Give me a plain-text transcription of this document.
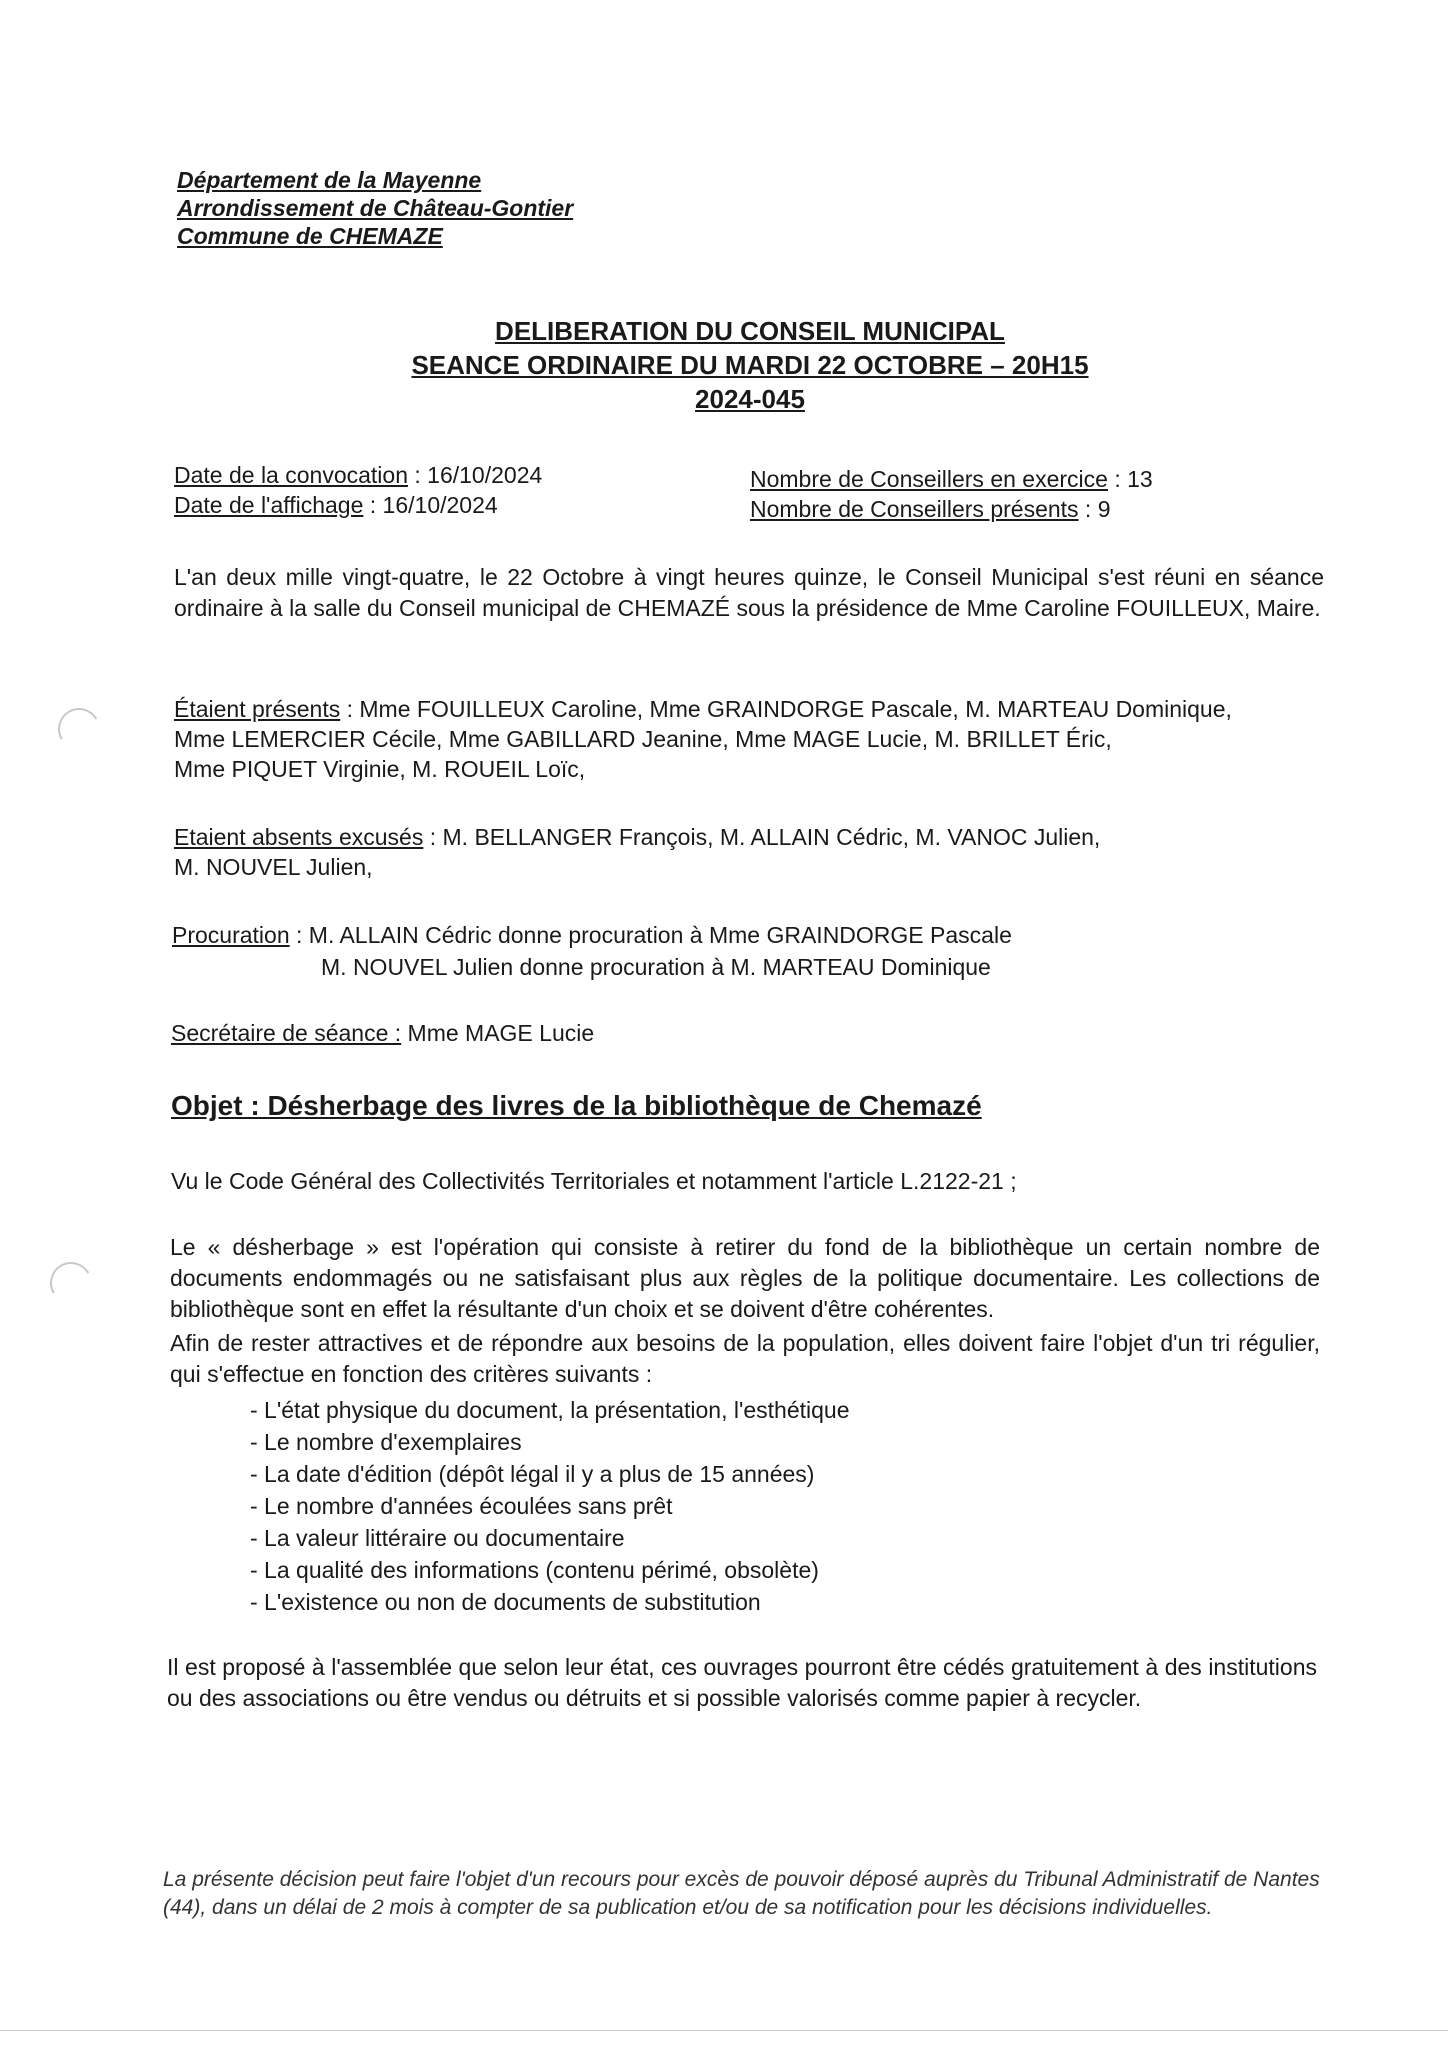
Département de la Mayenne
Arrondissement de Château-Gontier
Commune de CHEMAZE
DELIBERATION DU CONSEIL MUNICIPAL
SEANCE ORDINAIRE DU MARDI 22 OCTOBRE – 20H15
2024-045
Date de la convocation : 16/10/2024
Date de l'affichage : 16/10/2024
Nombre de Conseillers en exercice : 13
Nombre de Conseillers présents : 9

L'an deux mille vingt-quatre, le 22 Octobre à vingt heures quinze, le Conseil Municipal s'est réuni en séance ordinaire à la salle du Conseil municipal de CHEMAZÉ sous la présidence de Mme Caroline FOUILLEUX, Maire.

Étaient présents : Mme FOUILLEUX Caroline, Mme GRAINDORGE Pascale, M. MARTEAU Dominique,
Mme LEMERCIER Cécile, Mme GABILLARD Jeanine, Mme MAGE Lucie, M. BRILLET Éric,
Mme PIQUET Virginie, M. ROUEIL Loïc,
Etaient absents excusés : M. BELLANGER François, M. ALLAIN Cédric, M. VANOC Julien,
M. NOUVEL Julien,
Procuration : M. ALLAIN Cédric donne procuration à Mme GRAINDORGE Pascale
M. NOUVEL Julien donne procuration à M. MARTEAU Dominique
Secrétaire de séance : Mme MAGE Lucie
Objet : Désherbage des livres de la bibliothèque de Chemazé
Vu le Code Général des Collectivités Territoriales et notamment l'article L.2122-21 ;

Le « désherbage » est l'opération qui consiste à retirer du fond de la bibliothèque un certain nombre de documents endommagés ou ne satisfaisant plus aux règles de la politique documentaire. Les collections de bibliothèque sont en effet la résultante d'un choix et se doivent d'être cohérentes.

Afin de rester attractives et de répondre aux besoins de la population, elles doivent faire l'objet d'un tri régulier, qui s'effectue en fonction des critères suivants :

- L'état physique du document, la présentation, l'esthétique
- Le nombre d'exemplaires
- La date d'édition (dépôt légal il y a plus de 15 années)
- Le nombre d'années écoulées sans prêt
- La valeur littéraire ou documentaire
- La qualité des informations (contenu périmé, obsolète)
- L'existence ou non de documents de substitution

Il est proposé à l'assemblée que selon leur état, ces ouvrages pourront être cédés gratuitement à des institutions ou des associations ou être vendus ou détruits et si possible valorisés comme papier à recycler.

La présente décision peut faire l'objet d'un recours pour excès de pouvoir déposé auprès du Tribunal Administratif de Nantes (44), dans un délai de 2 mois à compter de sa publication et/ou de sa notification pour les décisions individuelles.
